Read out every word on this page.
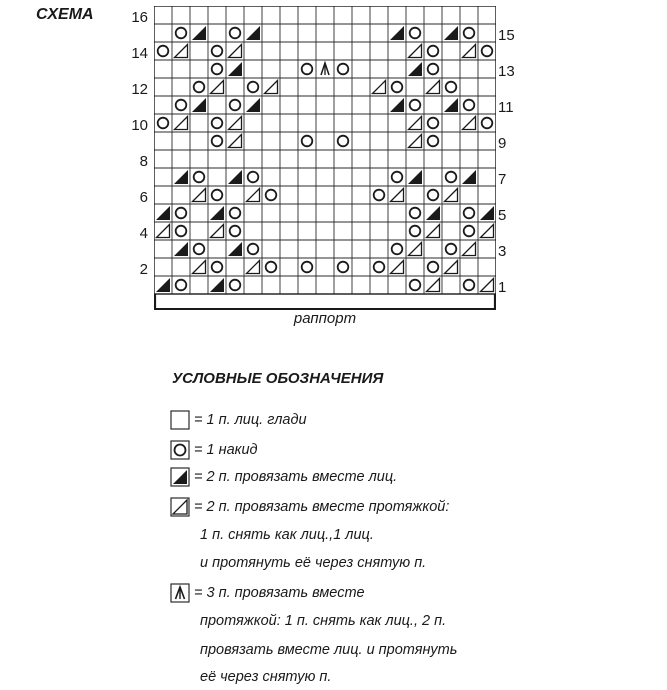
СХЕМА	16
14
12
10
8
6
4
2
15
13
11
9
7
5
3
1
раппорт
УСЛОВНЫЕ ОБОЗНАЧЕНИЯ
= 1 п. лиц. глади
= 1 накид
= 2 п. провязать вместе лиц.
= 2 п. провязать вместе протяжкой:
1 п. снять как лиц.,1 лиц.
и протянуть её через снятую п.
= 3 п. провязать вместе
протяжкой: 1 п. снять как лиц., 2 п.
провязать вместе лиц. и протянуть
её через снятую п.
